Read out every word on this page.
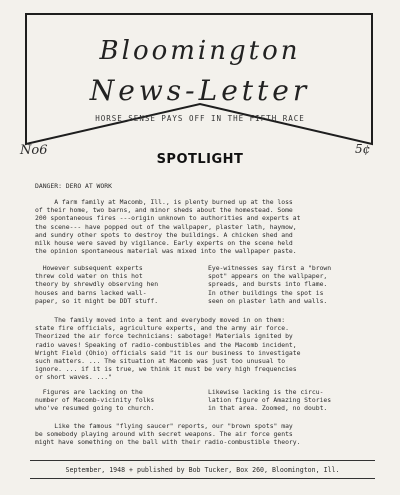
Bloomington
News-Letter
HORSE SENSE PAYS OFF IN THE FIFTH RACE
No6	5¢
SPOTLIGHT
DANGER: DERO AT WORK
A farm family at Macomb, Ill., is plenty burned up at the loss
of their home, two barns, and minor sheds about the homestead. Some
200 spontaneous fires ---origin unknown to authorities and experts at
the scene--- have popped out of the wallpaper, plaster lath, haymow,
and sundry other spots to destroy the buildings. A chicken shed and
milk house were saved by vigilance. Early experts on the scene held
the opinion spontaneous material was mixed into the wallpaper paste.
However subsequent experts
threw cold water on this hot
theory by shrewdly observing hen
houses and barns lacked wall-
paper, so it might be DDT stuff.
Eye-witnesses say first a "brown
spot" appears on the wallpaper,
spreads, and bursts into flame.
In other buildings the spot is
seen on plaster lath and walls.
The family moved into a tent and everybody moved in on them:
state fire officials, agriculture experts, and the army air force.
Theorized the air force technicians: sabotage! Materials ignited by
radio waves! Speaking of radio-combustibles and the Macomb incident,
Wright Field (Ohio) officials said "it is our business to investigate
such matters. ... The situation at Macomb was just too unusual to
ignore. ... if it is true, we think it must be very high frequencies
or short waves. ..."
Figures are lacking on the
number of Macomb-vicinity folks
who've resumed going to church.
Likewise lacking is the circu-
lation figure of Amazing Stories
in that area. Zoomed, no doubt.
Like the famous "flying saucer" reports, our "brown spots" may
be somebody playing around with secret weapons. The air force gents
might have something on the ball with their radio-combustible theory.
September, 1948 + published by Bob Tucker, Box 260, Bloomington, Ill.
